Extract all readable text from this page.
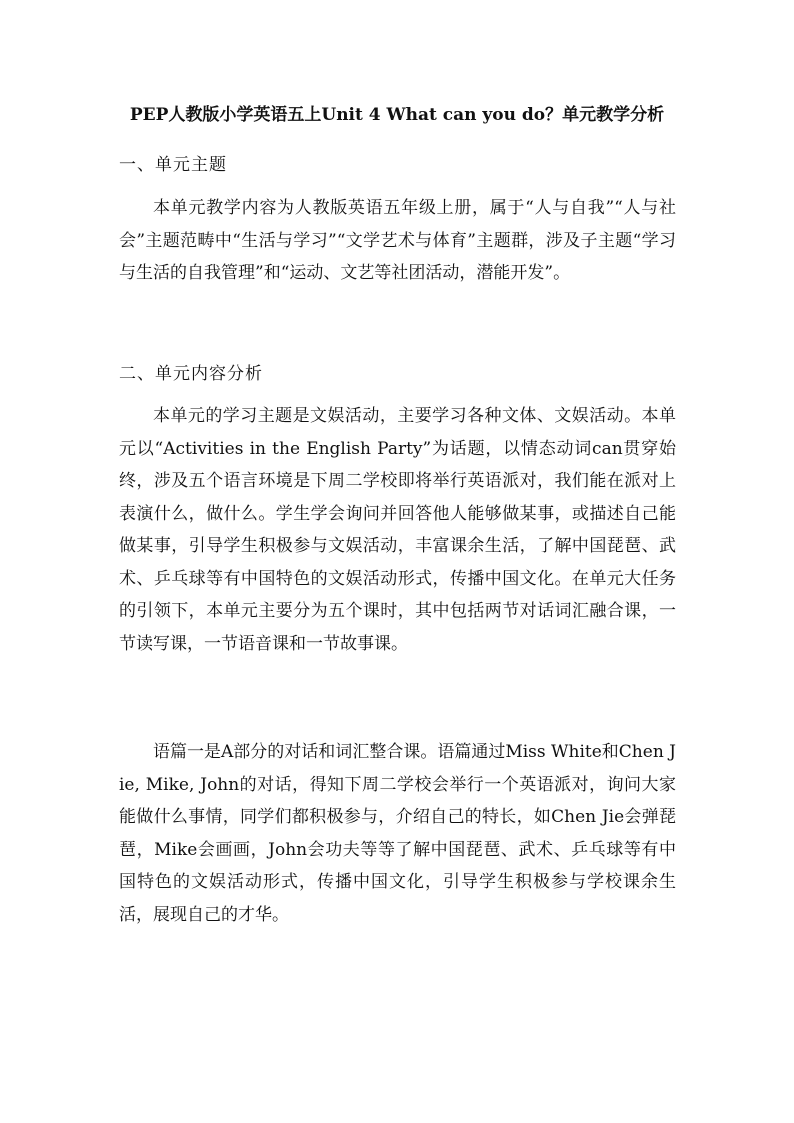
PEP人教版小学英语五上Unit 4 What can you do？单元教学分析
一、单元主题

本单元教学内容为人教版英语五年级上册，属于“人与自我”“人与社会”主题范畴中“生活与学习”“文学艺术与体育”主题群，涉及子主题“学习与生活的自我管理”和“运动、文艺等社团活动，潜能开发”。

二、单元内容分析

本单元的学习主题是文娱活动，主要学习各种文体、文娱活动。本单元以“Activities in the English Party”为话题，以情态动词can贯穿始终，涉及五个语言环境是下周二学校即将举行英语派对，我们能在派对上表演什么，做什么。学生学会询问并回答他人能够做某事，或描述自己能做某事，引导学生积极参与文娱活动，丰富课余生活，了解中国琵琶、武术、乒乓球等有中国特色的文娱活动形式，传播中国文化。在单元大任务的引领下，本单元主要分为五个课时，其中包括两节对话词汇融合课，一节读写课，一节语音课和一节故事课。

语篇一是A部分的对话和词汇整合课。语篇通过Miss White和Chen Jie, Mike, John的对话，得知下周二学校会举行一个英语派对，询问大家能做什么事情，同学们都积极参与，介绍自己的特长，如Chen Jie会弹琵琶，Mike会画画，John会功夫等等了解中国琵琶、武术、乒乓球等有中国特色的文娱活动形式，传播中国文化，引导学生积极参与学校课余生活，展现自己的才华。
